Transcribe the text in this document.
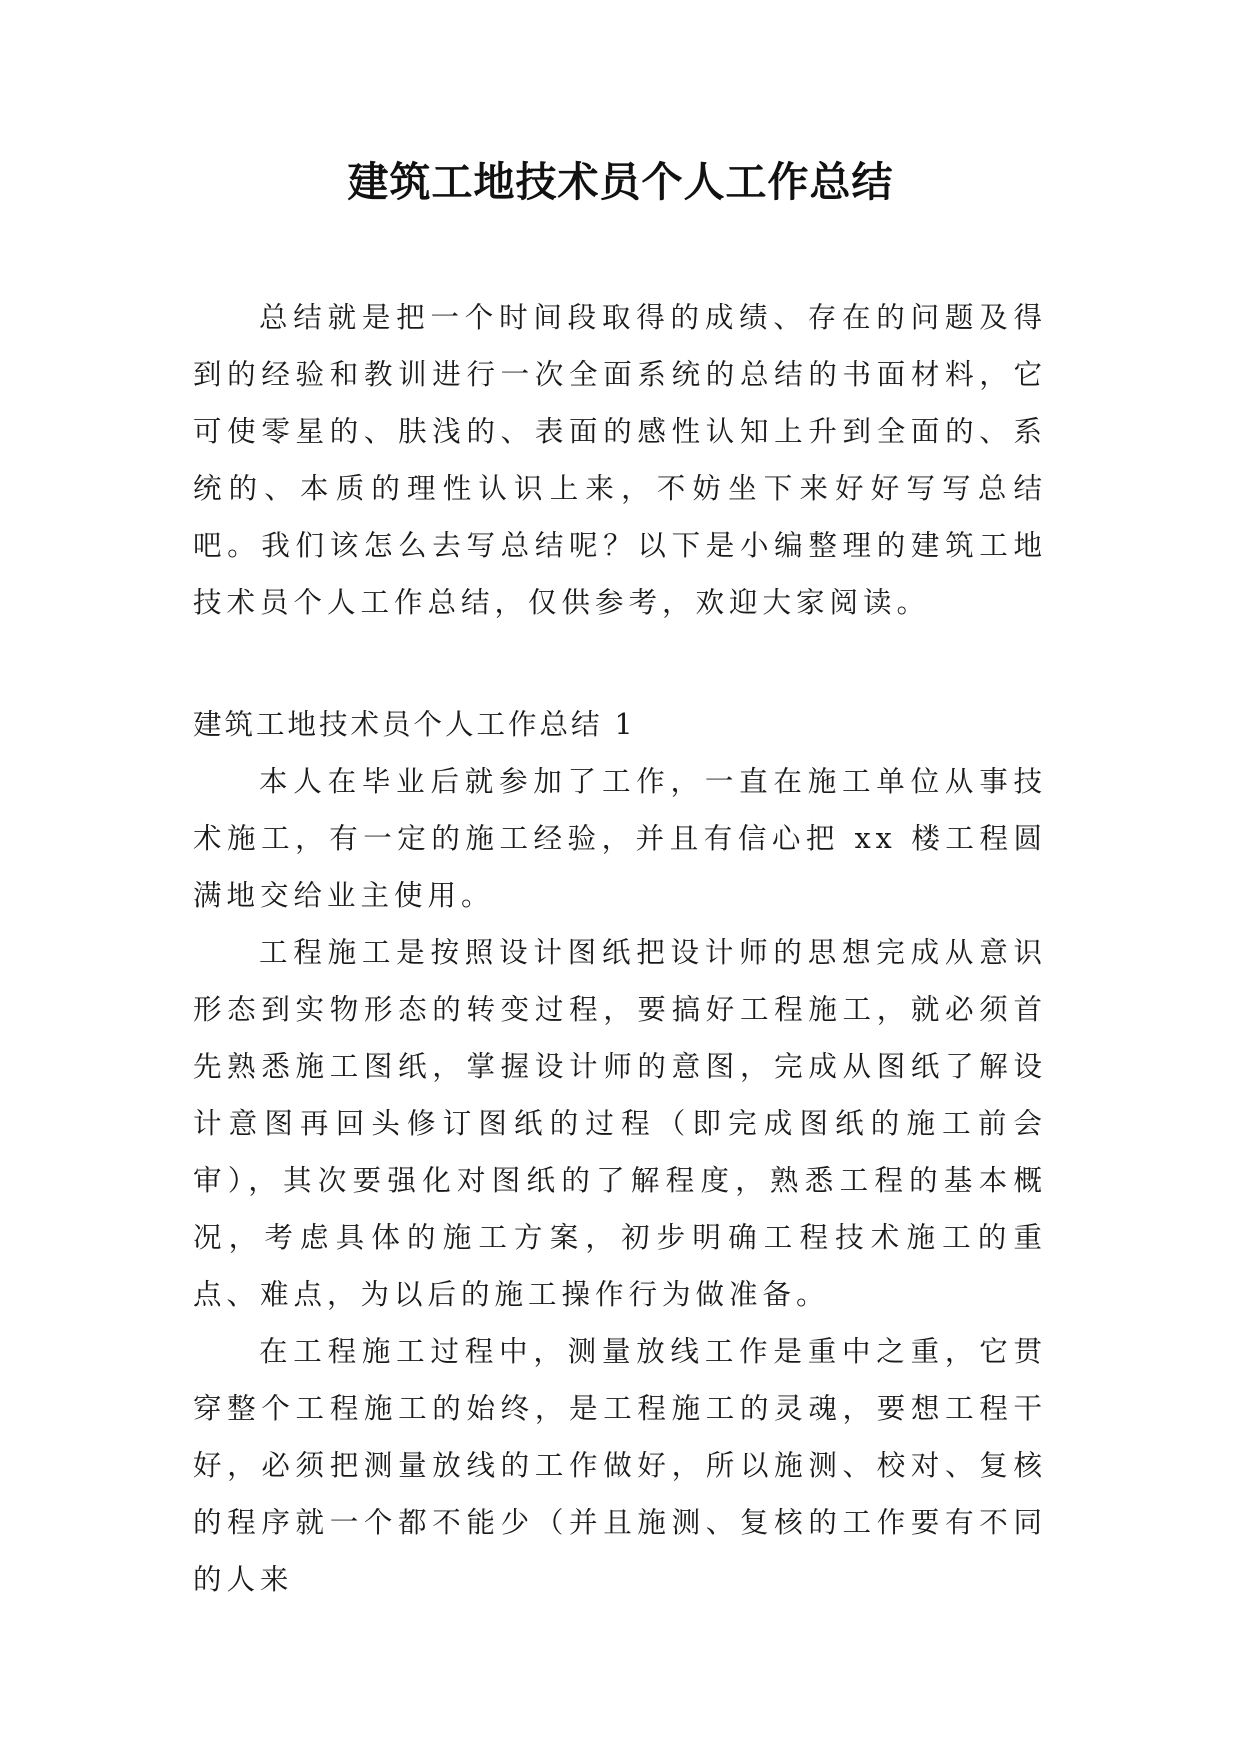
建筑工地技术员个人工作总结

总结就是把一个时间段取得的成绩、存在的问题及得到的经验和教训进行一次全面系统的总结的书面材料，它可使零星的、肤浅的、表面的感性认知上升到全面的、系统的、本质的理性认识上来，不妨坐下来好好写写总结吧。我们该怎么去写总结呢？以下是小编整理的建筑工地技术员个人工作总结，仅供参考，欢迎大家阅读。

建筑工地技术员个人工作总结 1

本人在毕业后就参加了工作，一直在施工单位从事技术施工，有一定的施工经验，并且有信心把 xx 楼工程圆满地交给业主使用。

工程施工是按照设计图纸把设计师的思想完成从意识形态到实物形态的转变过程，要搞好工程施工，就必须首先熟悉施工图纸，掌握设计师的意图，完成从图纸了解设计意图再回头修订图纸的过程（即完成图纸的施工前会审），其次要强化对图纸的了解程度，熟悉工程的基本概况，考虑具体的施工方案，初步明确工程技术施工的重点、难点，为以后的施工操作行为做准备。

在工程施工过程中，测量放线工作是重中之重，它贯穿整个工程施工的始终，是工程施工的灵魂，要想工程干好，必须把测量放线的工作做好，所以施测、校对、复核的程序就一个都不能少（并且施测、复核的工作要有不同的人来
